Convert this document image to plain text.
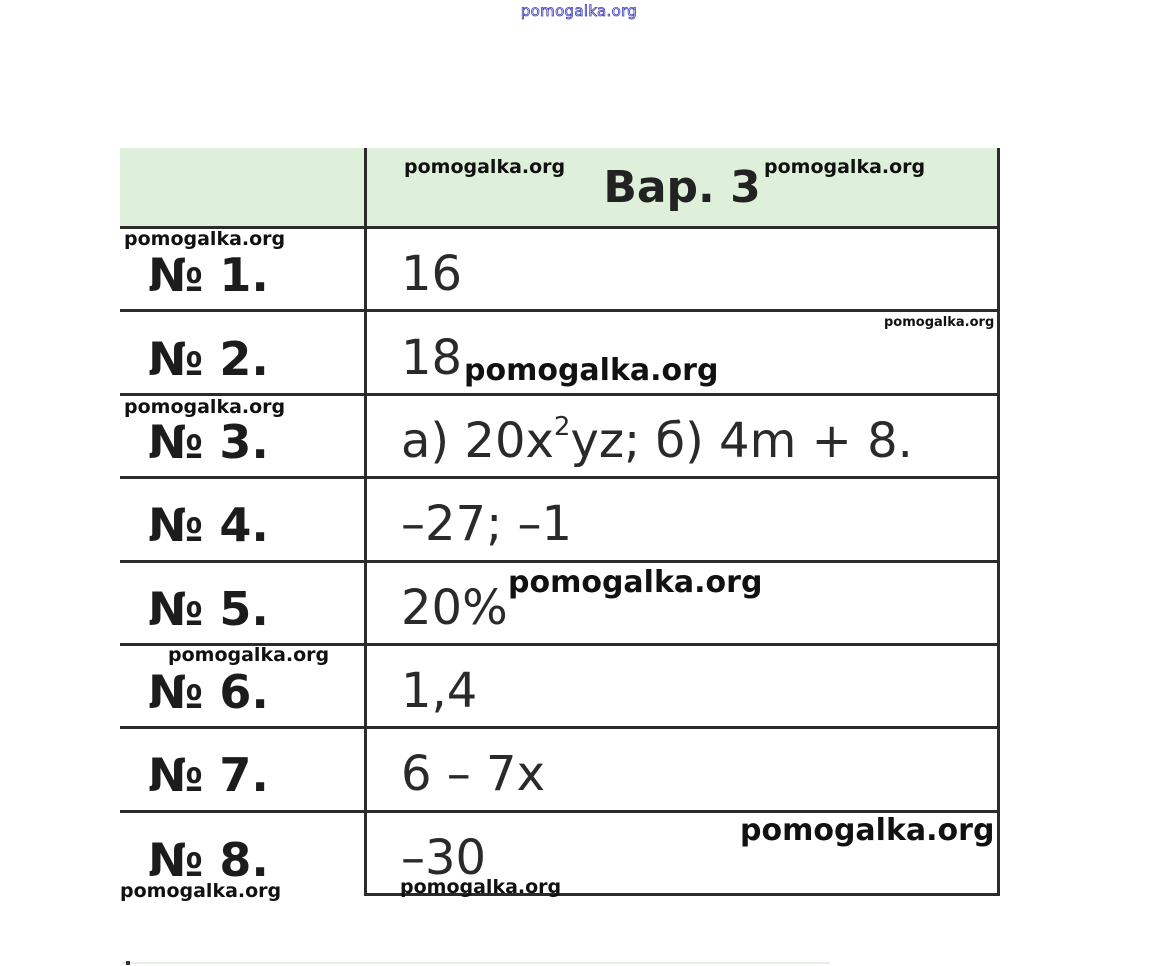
pomogalka.org
	Вар. 3
№ 1.	16
№ 2.	18
№ 3.	а) $20x^2yz$; б) 4m + 8.
№ 4.	–27; –1
№ 5.	20%
№ 6.	1,4
№ 7.	6 – 7x
№ 8.	–30
pomogalka.org	pomogalka.org
pomogalka.org
pomogalka.org
pomogalka.org
pomogalka.org
pomogalka.org
pomogalka.org
pomogalka.org
pomogalka.org
pomogalka.org
